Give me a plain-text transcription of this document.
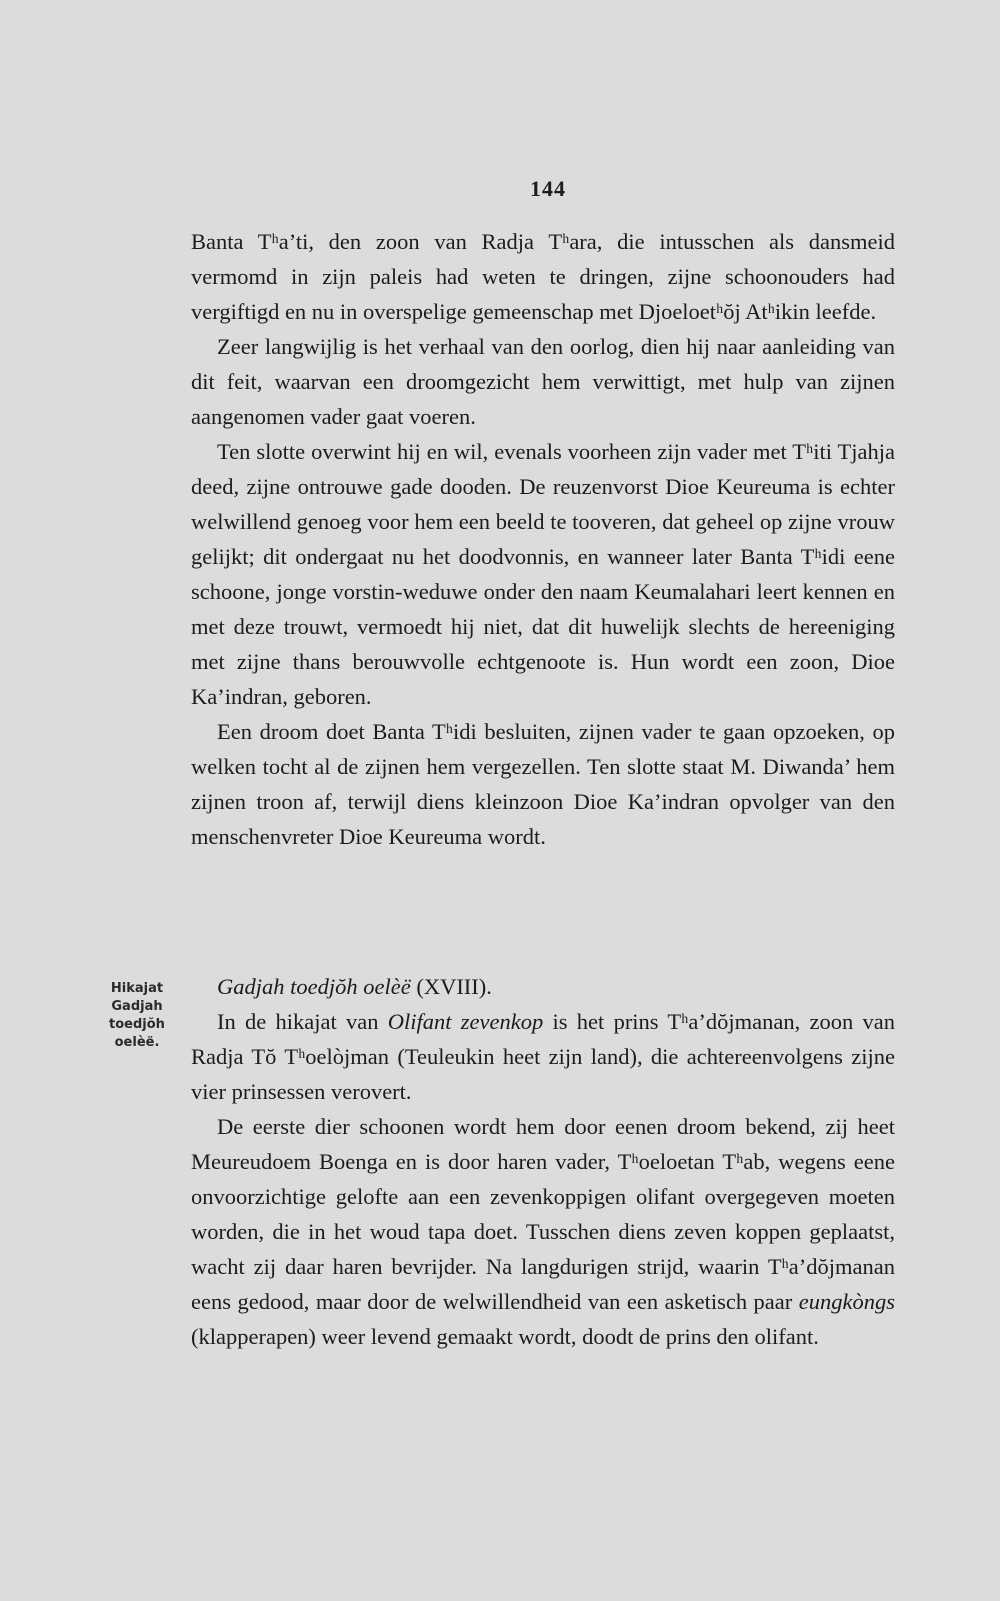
144

Banta Tʰa’ti, den zoon van Radja Tʰara, die intusschen als dansmeid vermomd in zijn paleis had weten te dringen, zijne schoonouders had vergiftigd en nu in overspelige gemeenschap met Djoeloetʰŏj Atʰikin leefde.

Zeer langwijlig is het verhaal van den oorlog, dien hij naar aanleiding van dit feit, waarvan een droomgezicht hem verwittigt, met hulp van zijnen aangenomen vader gaat voeren.

Ten slotte overwint hij en wil, evenals voorheen zijn vader met Tʰiti Tjahja deed, zijne ontrouwe gade dooden. De reuzenvorst Dioe Keureuma is echter welwillend genoeg voor hem een beeld te tooveren, dat geheel op zijne vrouw gelijkt; dit ondergaat nu het doodvonnis, en wanneer later Banta Tʰidi eene schoone, jonge vorstin-weduwe onder den naam Keumalahari leert kennen en met deze trouwt, vermoedt hij niet, dat dit huwelijk slechts de hereeniging met zijne thans berouwvolle echtgenoote is. Hun wordt een zoon, Dioe Ka’indran, geboren.

Een droom doet Banta Tʰidi besluiten, zijnen vader te gaan opzoeken, op welken tocht al de zijnen hem vergezellen. Ten slotte staat M. Diwanda’ hem zijnen troon af, terwijl diens kleinzoon Dioe Ka’indran opvolger van den menschenvreter Dioe Keureuma wordt.

Hikajat
Gadjah
toedjŏh
oelèë.

Gadjah toedjŏh oelèë (XVIII).

In de hikajat van Olifant zevenkop is het prins Tʰa’dŏjmanan, zoon van Radja Tŏ Tʰoelòjman (Teuleukin heet zijn land), die achtereenvolgens zijne vier prinsessen verovert.

De eerste dier schoonen wordt hem door eenen droom bekend, zij heet Meureudoem Boenga en is door haren vader, Tʰoeloetan Tʰab, wegens eene onvoorzichtige gelofte aan een zevenkoppigen olifant overgegeven moeten worden, die in het woud tapa doet. Tusschen diens zeven koppen geplaatst, wacht zij daar haren bevrijder. Na langdurigen strijd, waarin Tʰa’dŏjmanan eens gedood, maar door de welwillendheid van een asketisch paar eungkòngs (klapperapen) weer levend gemaakt wordt, doodt de prins den olifant.
